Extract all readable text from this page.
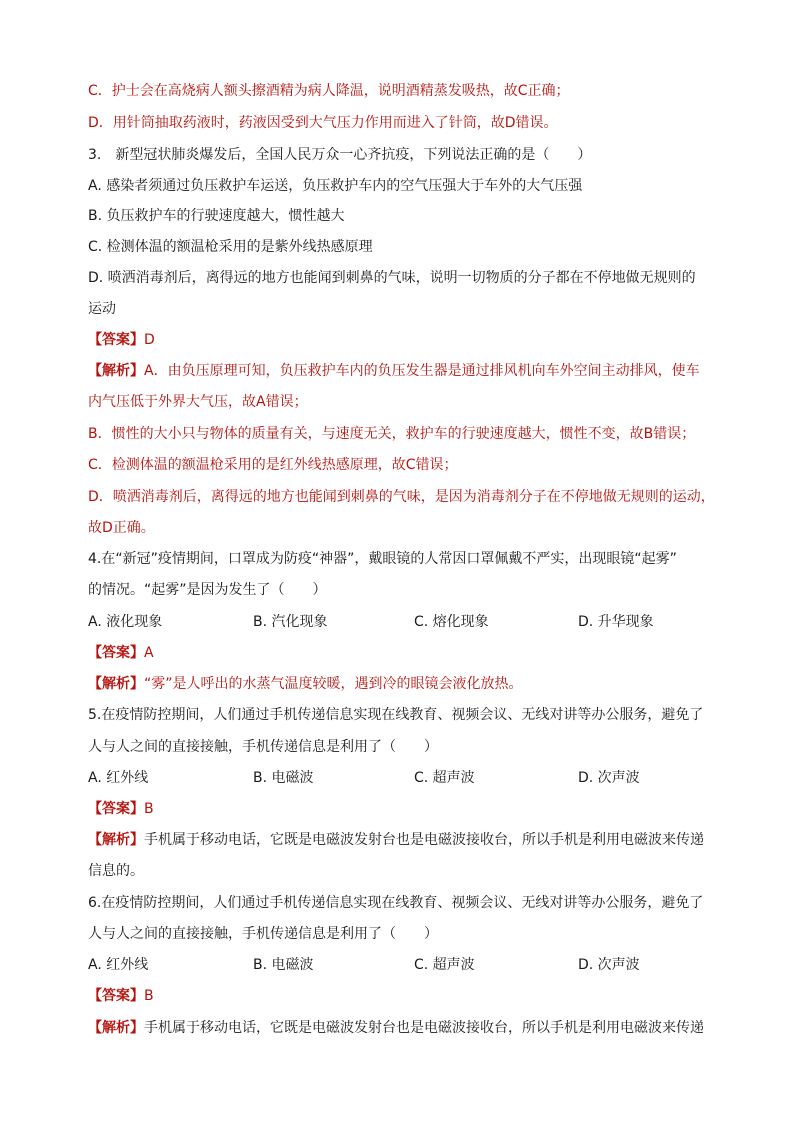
C．护士会在高烧病人额头擦酒精为病人降温，说明酒精蒸发吸热，故C正确；
D．用针筒抽取药液时，药液因受到大气压力作用而进入了针筒，故D错误。
3.　新型冠状肺炎爆发后，全国人民万众一心齐抗疫，下列说法正确的是（　　）
A. 感染者须通过负压救护车运送，负压救护车内的空气压强大于车外的大气压强
B. 负压救护车的行驶速度越大，惯性越大
C. 检测体温的额温枪采用的是紫外线热感原理
D. 喷洒消毒剂后，离得远的地方也能闻到刺鼻的气味，说明一切物质的分子都在不停地做无规则的
运动
【答案】D
【解析】A．由负压原理可知，负压救护车内的负压发生器是通过排风机向车外空间主动排风，使车
内气压低于外界大气压，故A错误；
B．惯性的大小只与物体的质量有关，与速度无关，救护车的行驶速度越大，惯性不变，故B错误；
C．检测体温的额温枪采用的是红外线热感原理，故C错误；
D．喷洒消毒剂后，离得远的地方也能闻到刺鼻的气味，是因为消毒剂分子在不停地做无规则的运动，
故D正确。
4.在“新冠”疫情期间，口罩成为防疫“神器”，戴眼镜的人常因口罩佩戴不严实，出现眼镜“起雾”
的情况。“起雾”是因为发生了（　　）
A. 液化现象	B. 汽化现象	C. 熔化现象	D. 升华现象
【答案】A
【解析】“雾”是人呼出的水蒸气温度较暖，遇到冷的眼镜会液化放热。
5.在疫情防控期间，人们通过手机传递信息实现在线教育、视频会议、无线对讲等办公服务，避免了
人与人之间的直接接触，手机传递信息是利用了（　　）
A. 红外线	B. 电磁波	C. 超声波	D. 次声波
【答案】B
【解析】手机属于移动电话，它既是电磁波发射台也是电磁波接收台，所以手机是利用电磁波来传递
信息的。
6.在疫情防控期间，人们通过手机传递信息实现在线教育、视频会议、无线对讲等办公服务，避免了
人与人之间的直接接触，手机传递信息是利用了（　　）
A. 红外线	B. 电磁波	C. 超声波	D. 次声波
【答案】B
【解析】手机属于移动电话，它既是电磁波发射台也是电磁波接收台，所以手机是利用电磁波来传递
